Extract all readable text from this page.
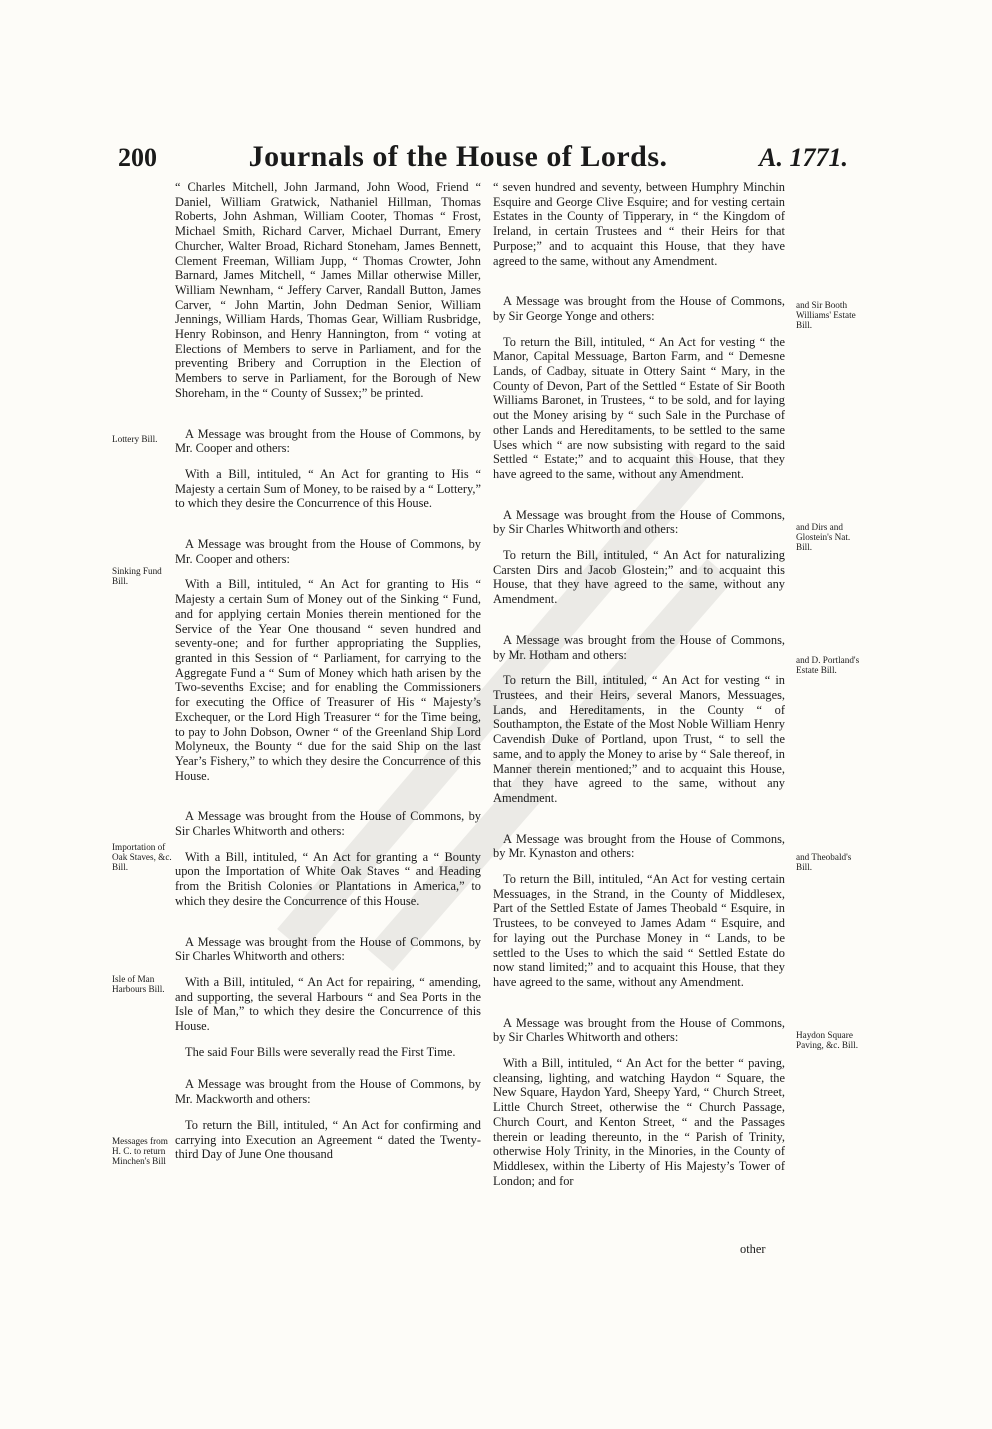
200	Journals of the House of Lords.	A. 1771.

“ Charles Mitchell, John Jarmand, John Wood, Friend “ Daniel, William Gratwick, Nathaniel Hillman, Thomas Roberts, John Ashman, William Cooter, Thomas “ Frost, Michael Smith, Richard Carver, Michael Durrant, Emery Churcher, Walter Broad, Richard Stoneham, James Bennett, Clement Freeman, William Jupp, “ Thomas Crowter, John Barnard, James Mitchell, “ James Millar otherwise Miller, William Newnham, “ Jeffery Carver, Randall Button, James Carver, “ John Martin, John Dedman Senior, William Jennings, William Hards, Thomas Gear, William Rusbridge, Henry Robinson, and Henry Hannington, from “ voting at Elections of Members to serve in Parliament, and for the preventing Bribery and Corruption in the Election of Members to serve in Parliament, for the Borough of New Shoreham, in the “ County of Sussex;” be printed.

A Message was brought from the House of Commons, by Mr. Cooper and others:

With a Bill, intituled, “ An Act for granting to His “ Majesty a certain Sum of Money, to be raised by a “ Lottery,” to which they desire the Concurrence of this House.

A Message was brought from the House of Commons, by Mr. Cooper and others:

With a Bill, intituled, “ An Act for granting to His “ Majesty a certain Sum of Money out of the Sinking “ Fund, and for applying certain Monies therein mentioned for the Service of the Year One thousand “ seven hundred and seventy-one; and for further appropriating the Supplies, granted in this Session of “ Parliament, for carrying to the Aggregate Fund a “ Sum of Money which hath arisen by the Two-sevenths Excise; and for enabling the Commissioners for executing the Office of Treasurer of His “ Majesty’s Exchequer, or the Lord High Treasurer “ for the Time being, to pay to John Dobson, Owner “ of the Greenland Ship Lord Molyneux, the Bounty “ due for the said Ship on the last Year’s Fishery,” to which they desire the Concurrence of this House.

A Message was brought from the House of Commons, by Sir Charles Whitworth and others:

With a Bill, intituled, “ An Act for granting a “ Bounty upon the Importation of White Oak Staves “ and Heading from the British Colonies or Plantations in America,” to which they desire the Concurrence of this House.

A Message was brought from the House of Commons, by Sir Charles Whitworth and others:

With a Bill, intituled, “ An Act for repairing, “ amending, and supporting, the several Harbours “ and Sea Ports in the Isle of Man,” to which they desire the Concurrence of this House.

The said Four Bills were severally read the First Time.

A Message was brought from the House of Commons, by Mr. Mackworth and others:

To return the Bill, intituled, “ An Act for confirming and carrying into Execution an Agreement “ dated the Twenty-third Day of June One thousand

“ seven hundred and seventy, between Humphry Minchin Esquire and George Clive Esquire; and for vesting certain Estates in the County of Tipperary, in “ the Kingdom of Ireland, in certain Trustees and “ their Heirs for that Purpose;” and to acquaint this House, that they have agreed to the same, without any Amendment.

A Message was brought from the House of Commons, by Sir George Yonge and others:

To return the Bill, intituled, “ An Act for vesting “ the Manor, Capital Messuage, Barton Farm, and “ Demesne Lands, of Cadbay, situate in Ottery Saint “ Mary, in the County of Devon, Part of the Settled “ Estate of Sir Booth Williams Baronet, in Trustees, “ to be sold, and for laying out the Money arising by “ such Sale in the Purchase of other Lands and Hereditaments, to be settled to the same Uses which “ are now subsisting with regard to the said Settled “ Estate;” and to acquaint this House, that they have agreed to the same, without any Amendment.

A Message was brought from the House of Commons, by Sir Charles Whitworth and others:

To return the Bill, intituled, “ An Act for naturalizing Carsten Dirs and Jacob Glostein;” and to acquaint this House, that they have agreed to the same, without any Amendment.

A Message was brought from the House of Commons, by Mr. Hotham and others:

To return the Bill, intituled, “ An Act for vesting “ in Trustees, and their Heirs, several Manors, Messuages, Lands, and Hereditaments, in the County “ of Southampton, the Estate of the Most Noble William Henry Cavendish Duke of Portland, upon Trust, “ to sell the same, and to apply the Money to arise by “ Sale thereof, in Manner therein mentioned;” and to acquaint this House, that they have agreed to the same, without any Amendment.

A Message was brought from the House of Commons, by Mr. Kynaston and others:

To return the Bill, intituled, “An Act for vesting certain Messuages, in the Strand, in the County of Middlesex, Part of the Settled Estate of James Theobald “ Esquire, in Trustees, to be conveyed to James Adam “ Esquire, and for laying out the Purchase Money in “ Lands, to be settled to the Uses to which the said “ Settled Estate do now stand limited;” and to acquaint this House, that they have agreed to the same, without any Amendment.

A Message was brought from the House of Commons, by Sir Charles Whitworth and others:

With a Bill, intituled, “ An Act for the better “ paving, cleansing, lighting, and watching Haydon “ Square, the New Square, Haydon Yard, Sheepy Yard, “ Church Street, Little Church Street, otherwise the “ Church Passage, Church Court, and Kenton Street, “ and the Passages therein or leading thereunto, in the “ Parish of Trinity, otherwise Holy Trinity, in the Minories, in the County of Middlesex, within the Liberty of His Majesty’s Tower of London; and for

other
Lottery Bill.
Sinking Fund Bill.
Importation of Oak Staves, &c. Bill.
Isle of Man Harbours Bill.
Messages from H. C. to return Minchen's Bill
and Sir Booth Williams' Estate Bill.
and Dirs and Glostein's Nat. Bill.
and D. Portland's Estate Bill.
and Theobald's Bill.
Haydon Square Paving, &c. Bill.
